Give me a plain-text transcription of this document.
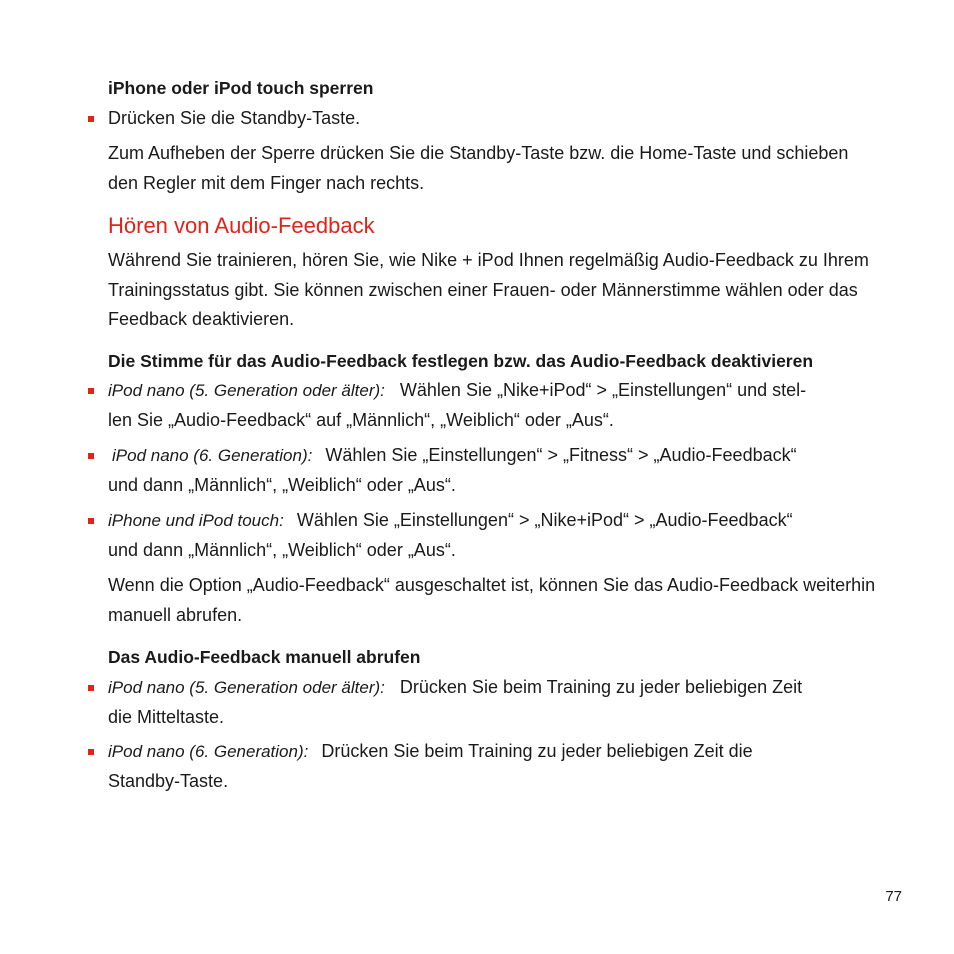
iPhone oder iPod touch sperren

Drücken Sie die Standby-Taste.

Zum Aufheben der Sperre drücken Sie die Standby-Taste bzw. die Home-Taste und schieben den Regler mit dem Finger nach rechts.

Hören von Audio-Feedback

Während Sie trainieren, hören Sie, wie Nike + iPod Ihnen regelmäßig Audio-Feedback zu Ihrem Trainingsstatus gibt. Sie können zwischen einer Frauen- oder Männerstimme wählen oder das Feedback deaktivieren.

Die Stimme für das Audio-Feedback festlegen bzw. das Audio-Feedback deaktivieren

iPod nano (5. Generation oder älter): Wählen Sie „Nike+iPod“ > „Einstellungen“ und stel-
len Sie „Audio-Feedback“ auf „Männlich“, „Weiblich“ oder „Aus“.

iPod nano (6. Generation): Wählen Sie „Einstellungen“ > „Fitness“ > „Audio-Feedback“
und dann „Männlich“, „Weiblich“ oder „Aus“.

iPhone und iPod touch: Wählen Sie „Einstellungen“ > „Nike+iPod“ > „Audio-Feedback“
und dann „Männlich“, „Weiblich“ oder „Aus“.

Wenn die Option „Audio-Feedback“ ausgeschaltet ist, können Sie das Audio-Feedback weiterhin manuell abrufen.

Das Audio-Feedback manuell abrufen

iPod nano (5. Generation oder älter): Drücken Sie beim Training zu jeder beliebigen Zeit
die Mitteltaste.

iPod nano (6. Generation): Drücken Sie beim Training zu jeder beliebigen Zeit die
Standby-Taste.

77
